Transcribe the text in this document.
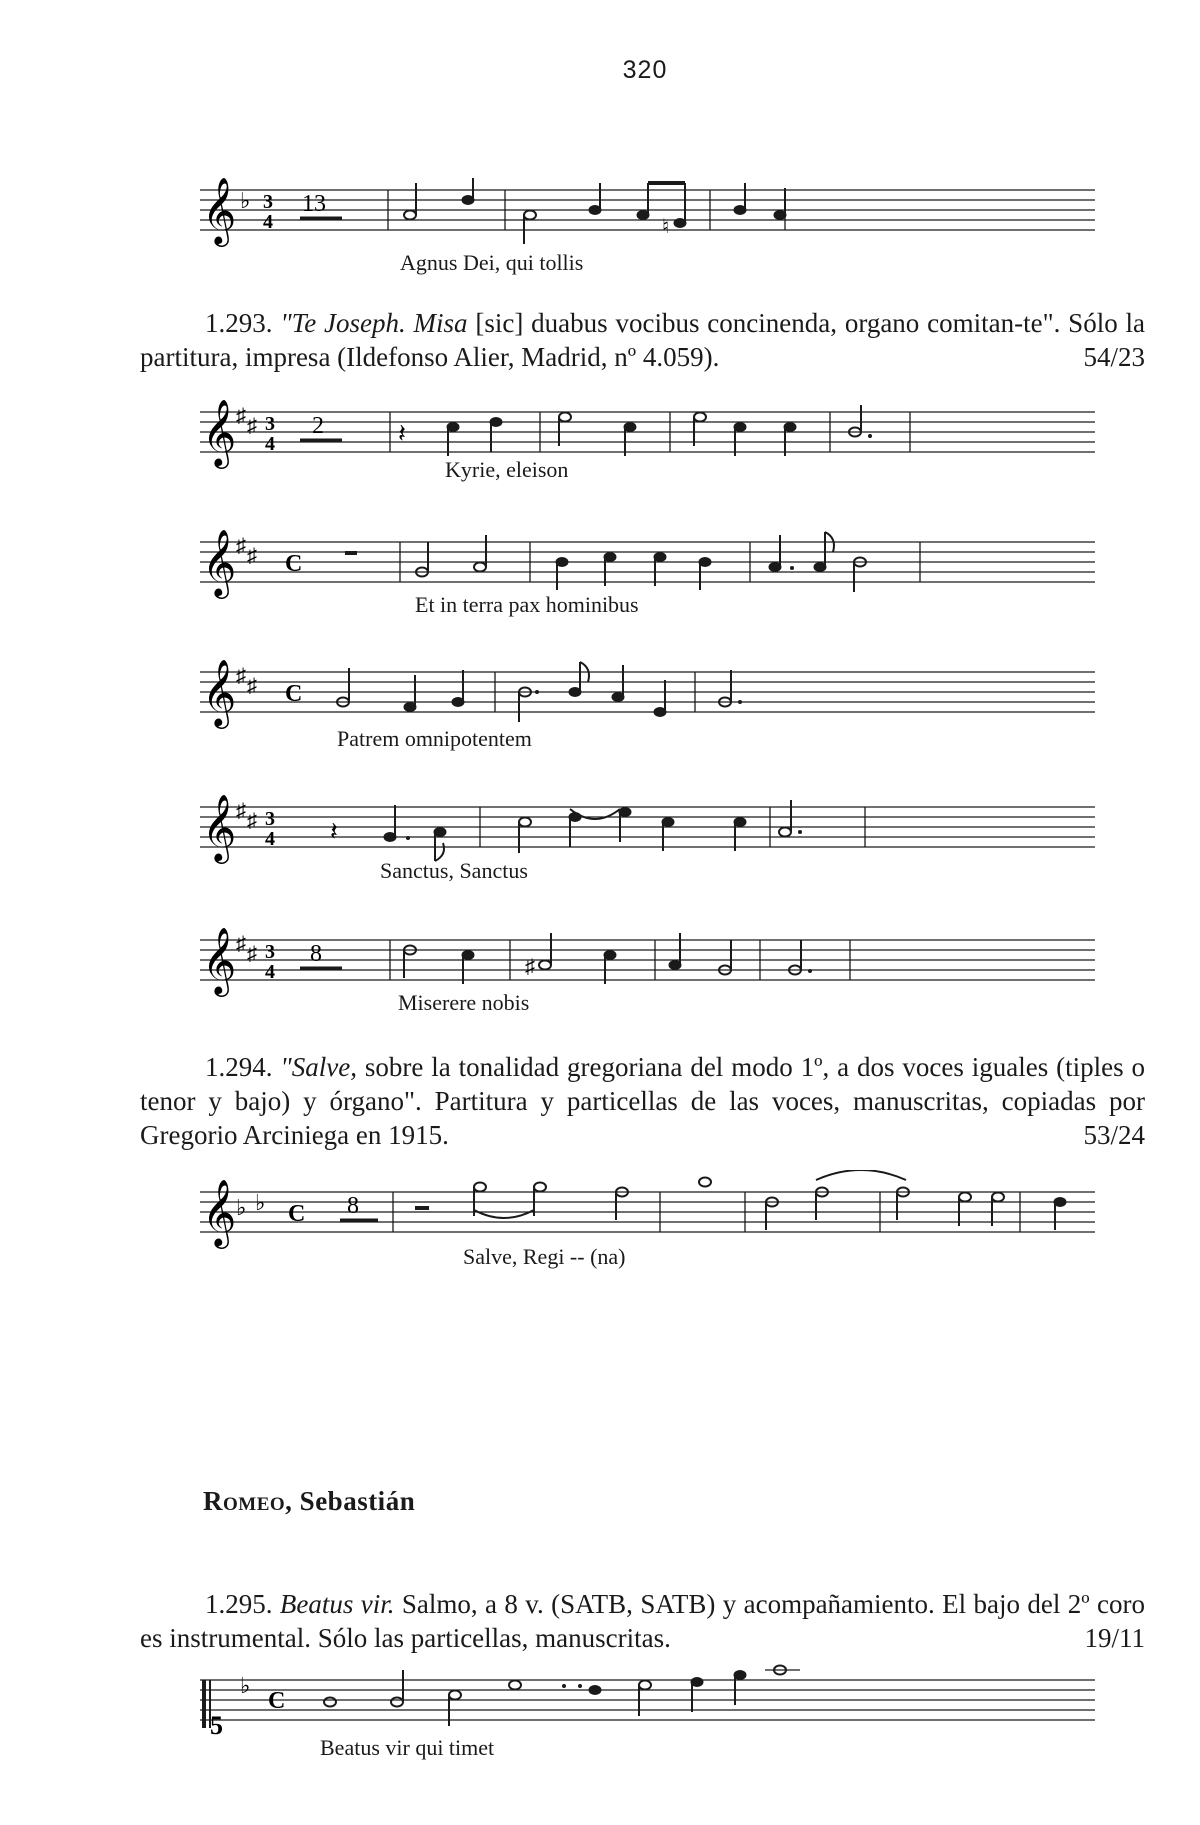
320
𝄞 ♭ 3
4
13
♮
Agnus Dei, qui tollis
1.293. "Te Joseph. Misa [sic] duabus vocibus concinenda, organo comitan-te". Sólo la partitura, impresa (Ildefonso Alier, Madrid, nº 4.059).	54/23
𝄞 ♯ ♯ 3
4
2	𝄽
Kyrie, eleison
𝄞 ♯ ♯ C
Et in terra pax hominibus
𝄞 ♯ ♯ C
Patrem omnipotentem
𝄞 ♯ ♯ 3
4 𝄽
Sanctus, Sanctus
𝄞 ♯ ♯ 3
4
8	♯
Miserere nobis
1.294. "Salve, sobre la tonalidad gregoriana del modo 1º, a dos voces iguales (tiples o tenor y bajo) y órgano". Partitura y particellas de las voces, manuscritas, copiadas por Gregorio Arciniega en 1915.	53/24
𝄞 ♭ ♭ C 8
Salve, Regi -- (na)
Romeo, Sebastián
1.295. Beatus vir. Salmo, a 8 v. (SATB, SATB) y acompañamiento. El bajo del 2º coro es instrumental. Sólo las particellas, manuscritas.	19/11
5
♭
C
Beatus vir qui timet
